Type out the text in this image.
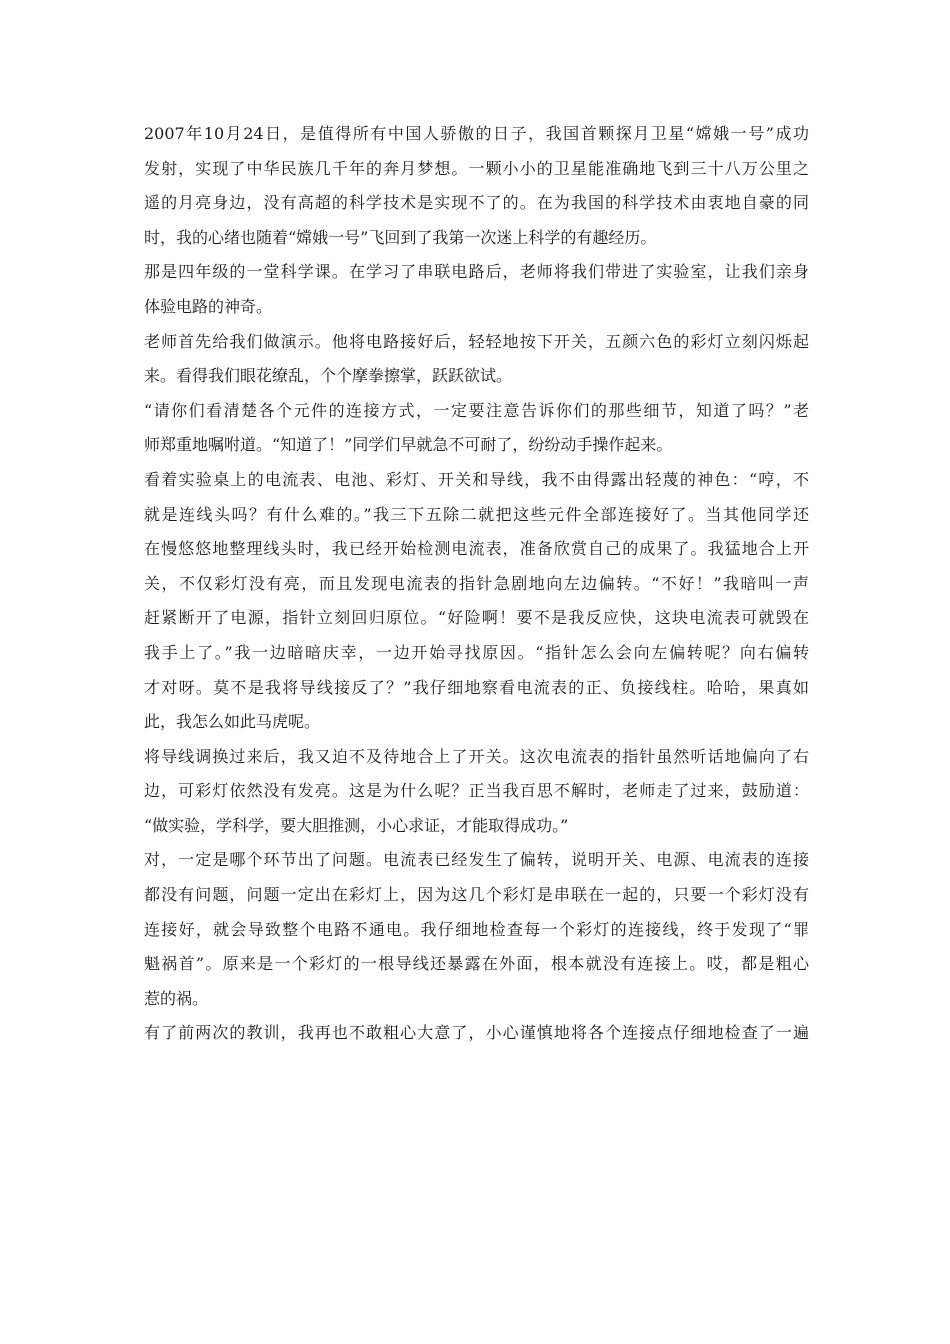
2007年10月24日，是值得所有中国人骄傲的日子，我国首颗探月卫星“嫦娥一号”成功
发射，实现了中华民族几千年的奔月梦想。一颗小小的卫星能准确地飞到三十八万公里之
遥的月亮身边，没有高超的科学技术是实现不了的。在为我国的科学技术由衷地自豪的同
时，我的心绪也随着“嫦娥一号”飞回到了我第一次迷上科学的有趣经历。
那是四年级的一堂科学课。在学习了串联电路后，老师将我们带进了实验室，让我们亲身
体验电路的神奇。
老师首先给我们做演示。他将电路接好后，轻轻地按下开关，五颜六色的彩灯立刻闪烁起
来。看得我们眼花缭乱，个个摩拳擦掌，跃跃欲试。
“请你们看清楚各个元件的连接方式，一定要注意告诉你们的那些细节，知道了吗？”老
师郑重地嘱咐道。“知道了！”同学们早就急不可耐了，纷纷动手操作起来。
看着实验桌上的电流表、电池、彩灯、开关和导线，我不由得露出轻蔑的神色：“哼，不
就是连线头吗？有什么难的。”我三下五除二就把这些元件全部连接好了。当其他同学还
在慢悠悠地整理线头时，我已经开始检测电流表，准备欣赏自己的成果了。我猛地合上开
关，不仅彩灯没有亮，而且发现电流表的指针急剧地向左边偏转。“不好！”我暗叫一声
赶紧断开了电源，指针立刻回归原位。“好险啊！要不是我反应快，这块电流表可就毁在
我手上了。”我一边暗暗庆幸，一边开始寻找原因。“指针怎么会向左偏转呢？向右偏转
才对呀。莫不是我将导线接反了？”我仔细地察看电流表的正、负接线柱。哈哈，果真如
此，我怎么如此马虎呢。
将导线调换过来后，我又迫不及待地合上了开关。这次电流表的指针虽然听话地偏向了右
边，可彩灯依然没有发亮。这是为什么呢？正当我百思不解时，老师走了过来，鼓励道：
“做实验，学科学，要大胆推测，小心求证，才能取得成功。”
对，一定是哪个环节出了问题。电流表已经发生了偏转，说明开关、电源、电流表的连接
都没有问题，问题一定出在彩灯上，因为这几个彩灯是串联在一起的，只要一个彩灯没有
连接好，就会导致整个电路不通电。我仔细地检查每一个彩灯的连接线，终于发现了“罪
魁祸首”。原来是一个彩灯的一根导线还暴露在外面，根本就没有连接上。哎，都是粗心
惹的祸。
有了前两次的教训，我再也不敢粗心大意了，小心谨慎地将各个连接点仔细地检查了一遍
